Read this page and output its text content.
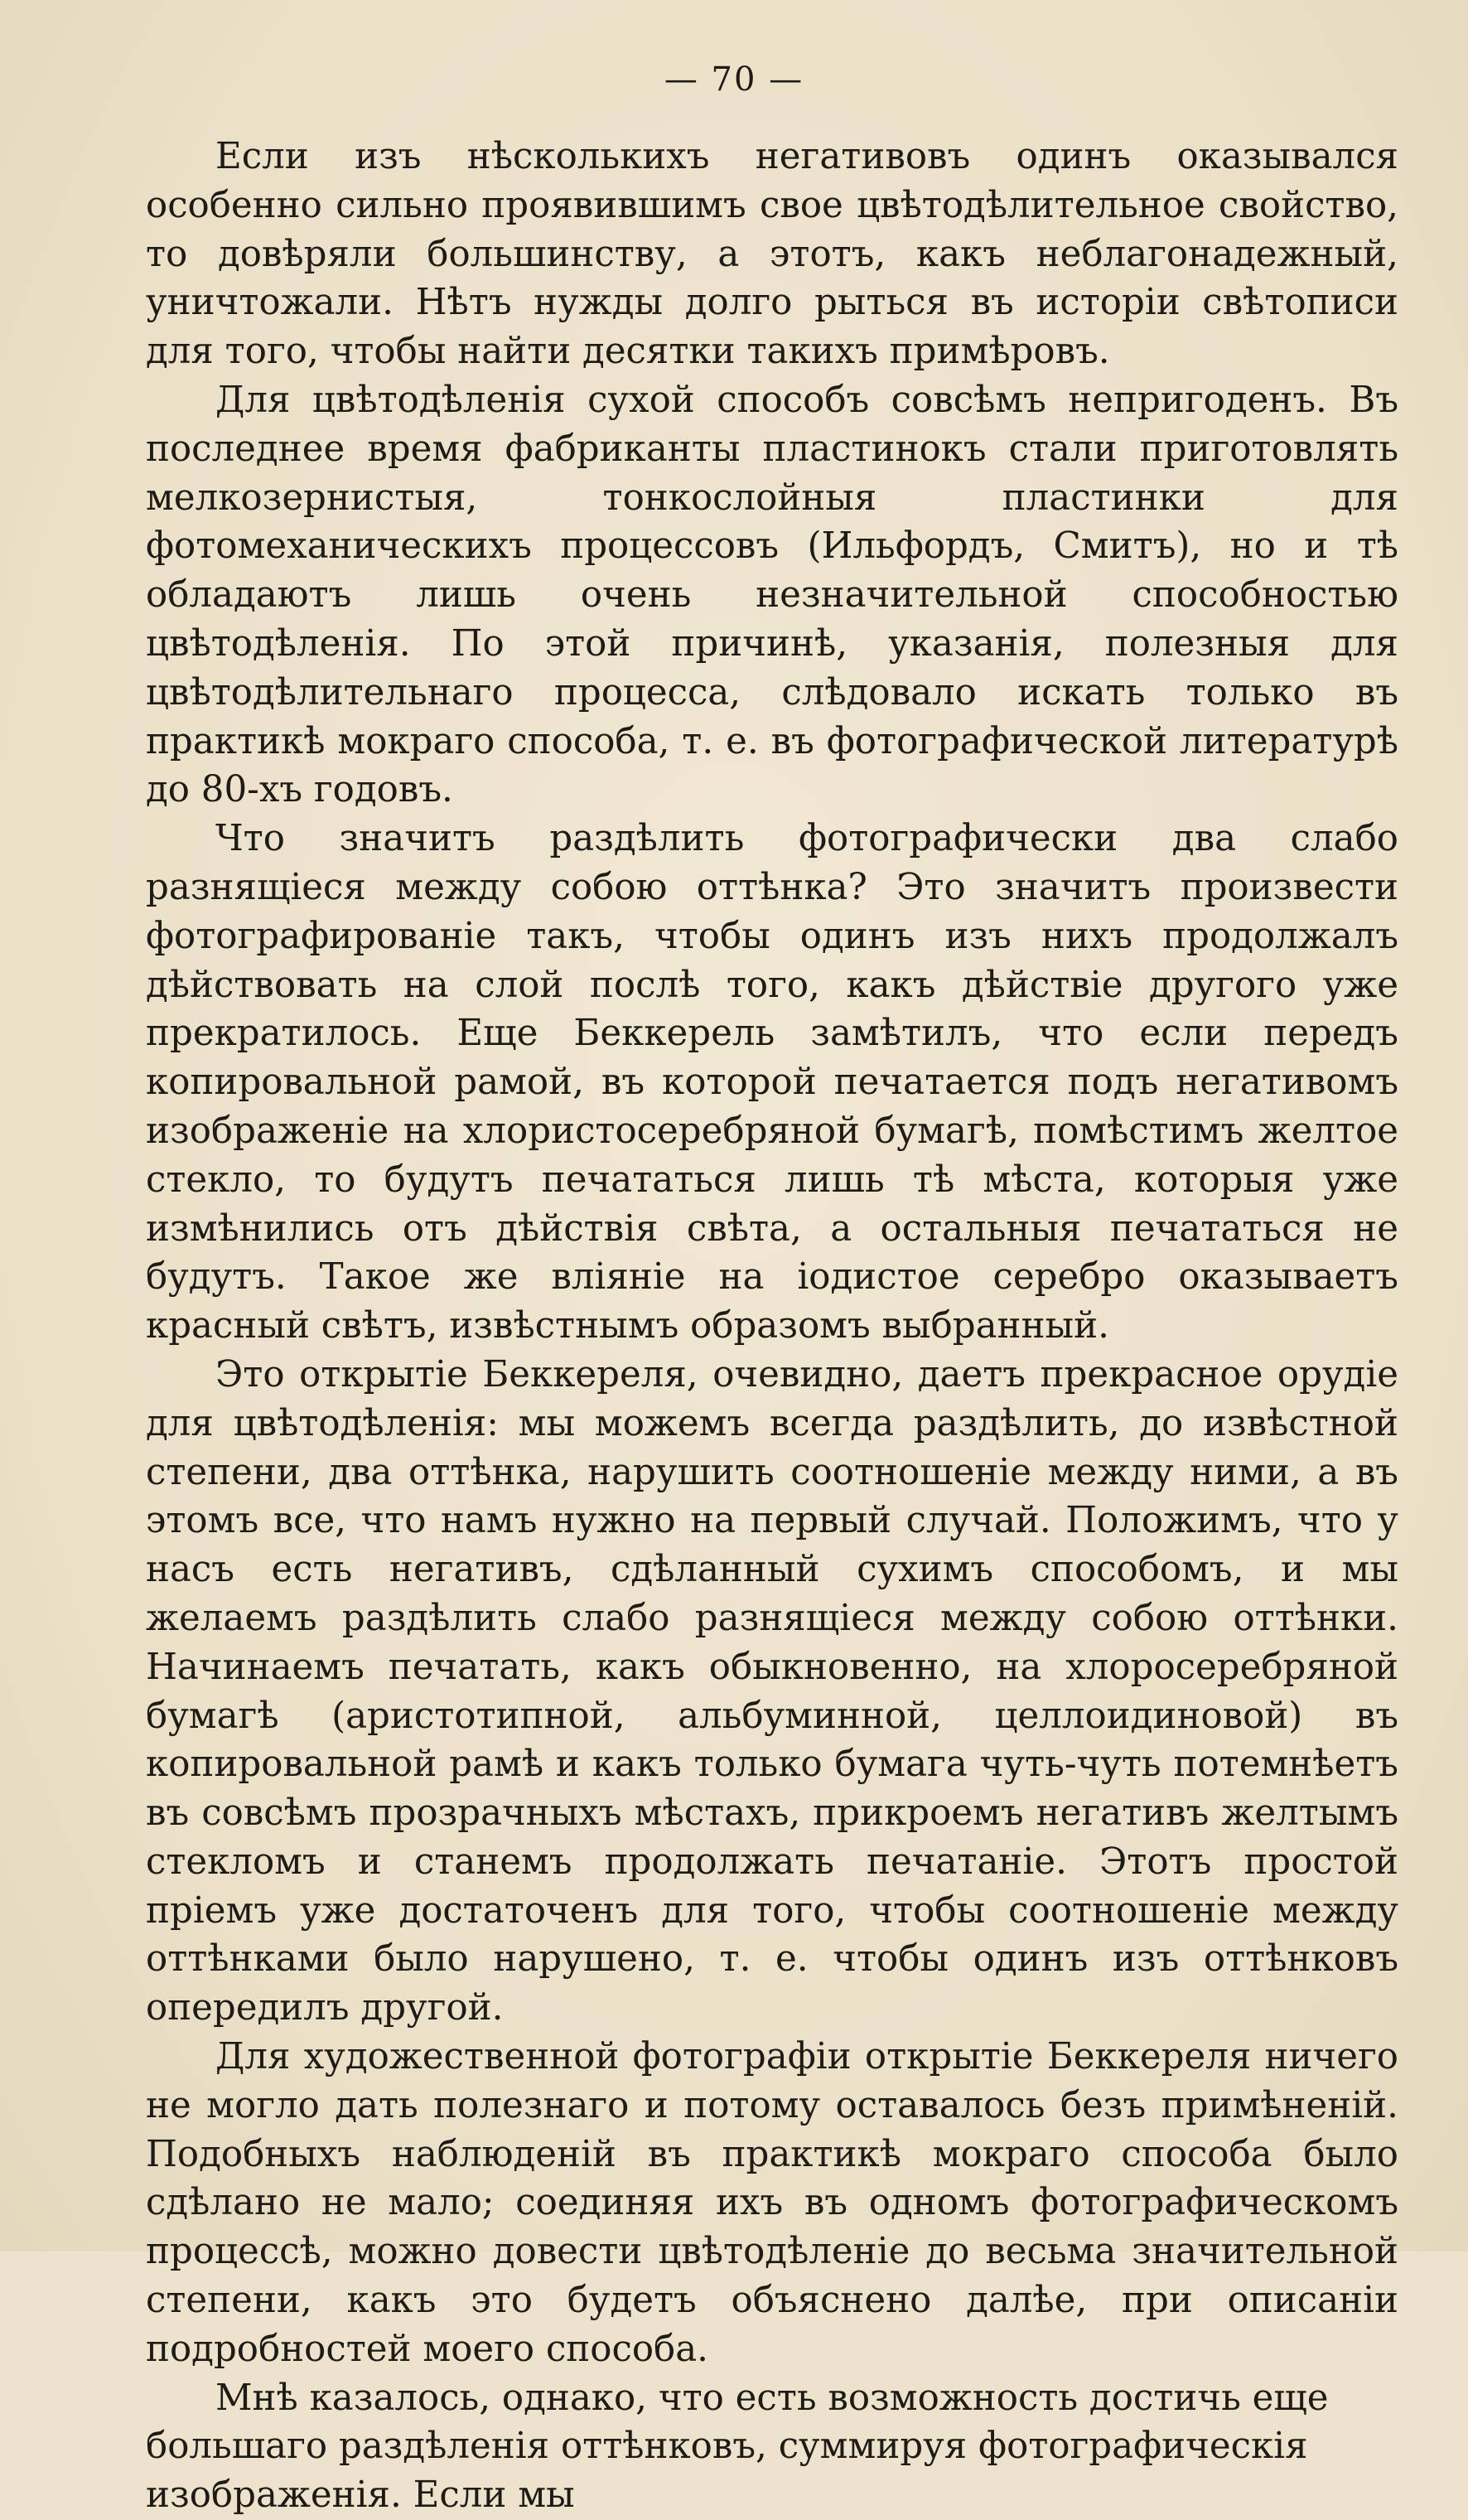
— 70 —

Если изъ нѣсколькихъ негативовъ одинъ оказывался особенно сильно проявившимъ свое цвѣтодѣлительное свойство, то довѣряли большинству, а этотъ, какъ неблагонадежный, уничтожали. Нѣтъ нужды долго рыться въ исторіи свѣтописи для того, чтобы найти десятки такихъ примѣровъ.

Для цвѣтодѣленія сухой способъ совсѣмъ непригоденъ. Въ последнее время фабриканты пластинокъ стали приготовлять мелкозернистыя, тонкослойныя пластинки для фотомеханическихъ процессовъ (Ильфордъ, Смитъ), но и тѣ обладаютъ лишь очень незначительной способностью цвѣтодѣленія. По этой причинѣ, указанія, полезныя для цвѣтодѣлительнаго процесса, слѣдовало искать только въ практикѣ мокраго способа, т. е. въ фотографической литературѣ до 80-хъ годовъ.

Что значитъ раздѣлить фотографически два слабо разнящіеся между собою оттѣнка? Это значитъ произвести фотографированіе такъ, чтобы одинъ изъ нихъ продолжалъ дѣйствовать на слой послѣ того, какъ дѣйствіе другого уже прекратилось. Еще Беккерель замѣтилъ, что если передъ копировальной рамой, въ которой печатается подъ негативомъ изображеніе на хлористосеребряной бумагѣ, помѣстимъ желтое стекло, то будутъ печататься лишь тѣ мѣста, которыя уже измѣнились отъ дѣйствія свѣта, а остальныя печататься не будутъ. Такое же вліяніе на іодистое серебро оказываетъ красный свѣтъ, извѣстнымъ образомъ выбранный.

Это открытіе Беккереля, очевидно, даетъ прекрасное орудіе для цвѣтодѣленія: мы можемъ всегда раздѣлить, до извѣстной степени, два оттѣнка, нарушить соотношеніе между ними, а въ этомъ все, что намъ нужно на первый случай. Положимъ, что у насъ есть негативъ, сдѣланный сухимъ способомъ, и мы желаемъ раздѣлить слабо разнящіеся между собою оттѣнки. Начинаемъ печатать, какъ обыкновенно, на хлоросеребряной бумагѣ (аристотипной, альбуминной, целлоидиновой) въ копировальной рамѣ и какъ только бумага чуть-чуть потемнѣетъ въ совсѣмъ прозрачныхъ мѣстахъ, прикроемъ негативъ желтымъ стекломъ и станемъ продолжать печатаніе. Этотъ простой пріемъ уже достаточенъ для того, чтобы соотношеніе между оттѣнками было нарушено, т. е. чтобы одинъ изъ оттѣнковъ опередилъ другой.

Для художественной фотографіи открытіе Беккереля ничего не могло дать полезнаго и потому оставалось безъ примѣненій. Подобныхъ наблюденій въ практикѣ мокраго способа было сдѣлано не мало; соединяя ихъ въ одномъ фотографическомъ процессѣ, можно довести цвѣтодѣленіе до весьма значительной степени, какъ это будетъ объяснено далѣе, при описаніи подробностей моего способа.

Мнѣ казалось, однако, что есть возможность достичь еще большаго раздѣленія оттѣнковъ, суммируя фотографическія изображенія. Если мы
